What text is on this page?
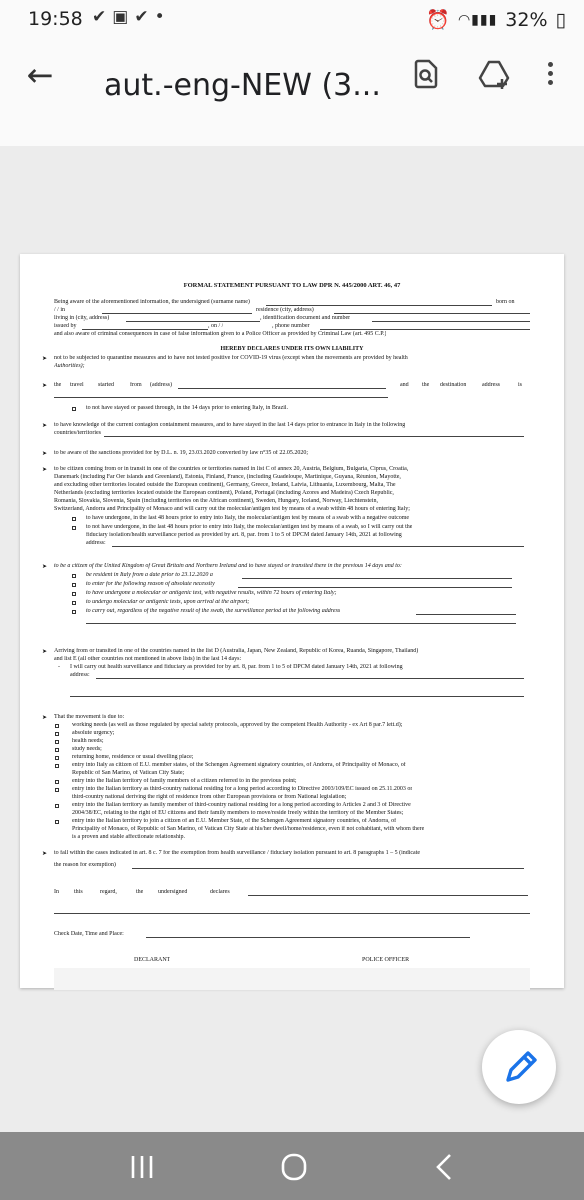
19:58 ✔▣✔•	⏰ ◠▮▮▮ 32% ▯
← aut.-eng-NEW (3...
FORMAL STATEMENT PURSUANT TO LAW DPR N. 445/2000 ART. 46, 47
Being aware of the aforementioned information, the undersigned (surname name)	born on
/ / in	residence (city, address)
living in (city, address)	, identification document and number
issued by	, on / /	, phone number
and also aware of criminal consequences in case of false information given to a Police Officer as provided by Criminal Law (art. 495 C.P.)
HEREBY DECLARES UNDER ITS OWN LIABILITY
➤ not to be subjected to quarantine measures and to have not tested positive for COVID-19 virus (except when the movements are provided by health
Authorities);
➤ the travel started	from (address)	and the destination	address	is
to not have stayed or passed through, in the 14 days prior to entering Italy, in Brazil.
➤ to have knowledge of the current contagion containment measures, and to have stayed in the last 14 days prior to entrance in Italy in the following
countries/territories
➤ to be aware of the sanctions provided for by D.L. n. 19, 23.03.2020 converted by law n°35 of 22.05.2020;
➤ to be citizen coming from or in transit in one of the countries or territories named in list C of annex 20, Austria, Belgium, Bulgaria, Ciprus, Croatia,
Danemark (including Far Oer islands and Greenland), Estonia, Finland, France, (including Guadeloupe, Martinique, Guyana, Réunion, Mayotte,
and excluding other territories located outside the European continent), Germany, Greece, Ireland, Latvia, Lithuania, Luxembourg, Malta, The
Netherlands (excluding territories located outside the European continent), Poland, Portugal (including Azores and Madeira) Czech Republic,
Romania, Slovakia, Slovenia, Spain (including territories on the African continent), Sweden, Hungary, Iceland, Norway, Liechtenstein,
Switzerland, Andorra and Principality of Monaco and will carry out the molecular/antigen test by means of a swab within 48 hours of entering Italy;
to have undergone, in the last 48 hours prior to entry into Italy, the molecular/antigen test by means of a swab with a negative outcome
to not have undergone, in the last 48 hours prior to entry into Italy, the molecular/antigen test by means of a swab, so I will carry out the
fiduciary isolation/health surveillance period as provided by art. 8, par. from 1 to 5 of DPCM dated January 14th, 2021 at following
address:
➤ to be a citizen of the United Kingdom of Great Britain and Northern Ireland and to have stayed or transited there in the previous 14 days and to:
be resident in Italy from a date prior to 23.12.2020 a
to enter for the following reason of absolute necessity
to have undergone a molecular or antigenic test, with negative results, within 72 hours of entering Italy;
to undergo molecular or antigenic tests, upon arrival at the airport;
to carry out, regardless of the negative result of the swab, the surveillance period at the following address
➤ Arriving from or transited in one of the countries named in the list D (Australia, Japan, New Zealand, Republic of Korea, Ruanda, Singapore, Thailand)
and list E (all other countries not mentioned in above lists) in the last 14 days:
- I will carry out health surveillance and fiduciary as provided for by art. 8, par. from 1 to 5 of DPCM dated January 14th, 2021 at following
address:
➤ That the movement is due to:
working needs (as well as those regulated by special safety protocols, approved by the competent Health Authority - ex Art 8 par.7 lett.d);
absolute urgency;
health needs;
study needs;
returning home, residence or usual dwelling place;
entry into Italy as citizen of E.U. member states, of the Schengen Agreement signatory countries, of Andorra, of Principality of Monaco, of
Republic of San Marino, of Vatican City State;
entry into the Italian territory of family members of a citizen referred to in the previous point;
entry into the Italian territory as third-country national residing for a long period according to Directive 2003/109/EC issued on 25.11.2003 or
third-country national deriving the right of residence from other European provisions or from National legislation;
entry into the Italian territory as family member of third-country national residing for a long period according to Articles 2 and 3 of Directive
2004/38/EC, relating to the right of EU citizens and their family members to move/reside freely within the territory of the Member States;
entry into the Italian territory to join a citizen of an E.U. Member State, of the Schengen Agreement signatory countries, of Andorra, of
Principality of Monaco, of Republic of San Marino, of Vatican City State at his/her dwell/home/residence, even if not cohabitant, with whom there
is a proven and stable affectionate relationship.
➤ to fall within the cases indicated in art. 8 c. 7 for the exemption from health surveillance / fiduciary isolation pursuant to art. 8 paragraphs 1 – 5 (indicate
the reason for exemption)
In	this	regard,	the undersigned	declares
Check Date, Time and Place:
DECLARANT	POLICE OFFICER
